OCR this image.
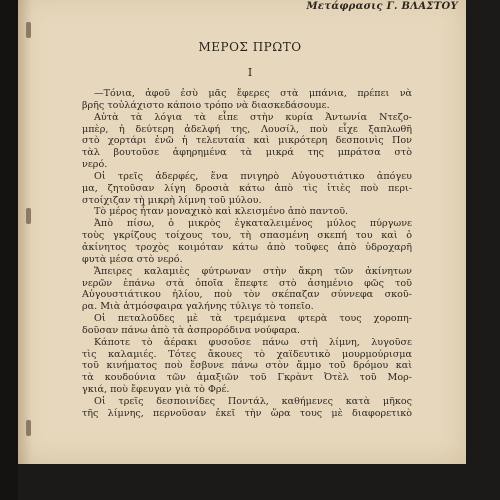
Μετάφρασις Γ. ΒΛΑΣΤΟΥ
ΜΕΡΟΣ ΠΡΩΤΟ
I
—Τόνια, ἀφοῦ ἐσὺ μᾶς ἔφερες στὰ μπάνια, πρέπει νὰ
βρῆς τοὐλάχιστο κάποιο τρόπο νὰ διασκεδάσουμε.
Αὐτὰ τὰ λόγια τὰ εἶπε στὴν κυρία Ἀντωνία Ντεζο-
μπὲρ, ἡ δεύτερη ἀδελφή της, Λουσίλ, ποὺ εἶχε ξαπλωθῆ
στὸ χορτάρι ἐνῶ ἡ τελευταία καὶ μικρότερη δεσποινὶς Πον
τὰλ βουτοῦσε ἀφηρημένα τὰ μικρά της μπράτσα στὸ
νερό.
Οἱ τρεῖς ἀδερφές, ἕνα πνιγηρὸ Αὐγουστιάτικο ἀπόγευ
μα, ζητοῦσαν λίγη δροσιὰ κάτω ἀπὸ τὶς ἰτιὲς ποὺ περι-
στοίχιζαν τὴ μικρὴ λίμνη τοῦ μύλου.
Τὸ μέρος ἦταν μοναχικὸ καὶ κλεισμένο ἀπὸ παντοῦ.
Ἀπὸ πίσω, ὁ μικρὸς ἐγκαταλειμένος μύλος πύργωνε
τοὺς γκρίζους τοίχους του, τὴ σπασμένη σκεπή του καὶ ὁ
ἀκίνητος τροχὸς κοιμόταν κάτω ἀπὸ τοῦφες ἀπὸ ὑδροχαρῆ
φυτὰ μέσα στὸ νερό.
Ἄπειρες καλαμιὲς φύτρωναν στὴν ἄκρη τῶν ἀκίνητων
νερῶν ἐπάνω στὰ ὁποῖα ἔπεφτε στὸ ἀσημένιο φῶς τοῦ
Αὐγουστιάτικου ἡλίου, ποὺ τὸν σκέπαζαν σύννεφα σκοῦ-
ρα. Μιὰ ἀτμόσφαιρα γαλήνης τύλιγε τὸ τοπεῖο.
Οἱ πεταλοῦδες μὲ τὰ τρεμάμενα φτερὰ τους χοροπη-
δοῦσαν πάνω ἀπὸ τὰ ἀσπρορόδινα νούφαρα.
Κάποτε τὸ ἀέρακι φυσοῦσε πάνω στὴ λίμνη, λυγοῦσε
τὶς καλαμιές. Τότες ἄκουες τὸ χαϊδευτικὸ μουρμούρισμα
τοῦ κινήματος ποὺ ἔσβυνε πάνω στὸν ἄμμο τοῦ δρόμου καὶ
τὰ κουδούνια τῶν ἀμαξιῶν τοῦ Γκρὰντ Ὀτὲλ τοῦ Μορ-
γκιά, ποὺ ἔφευγαν γιὰ τὸ Φρέ.
Οἱ τρεῖς δεσποινίδες Ποντάλ, καθήμενες κατὰ μῆκος
τῆς λίμνης, περνοῦσαν ἐκεῖ τὴν ὥρα τους μὲ διαφορετικὸ
